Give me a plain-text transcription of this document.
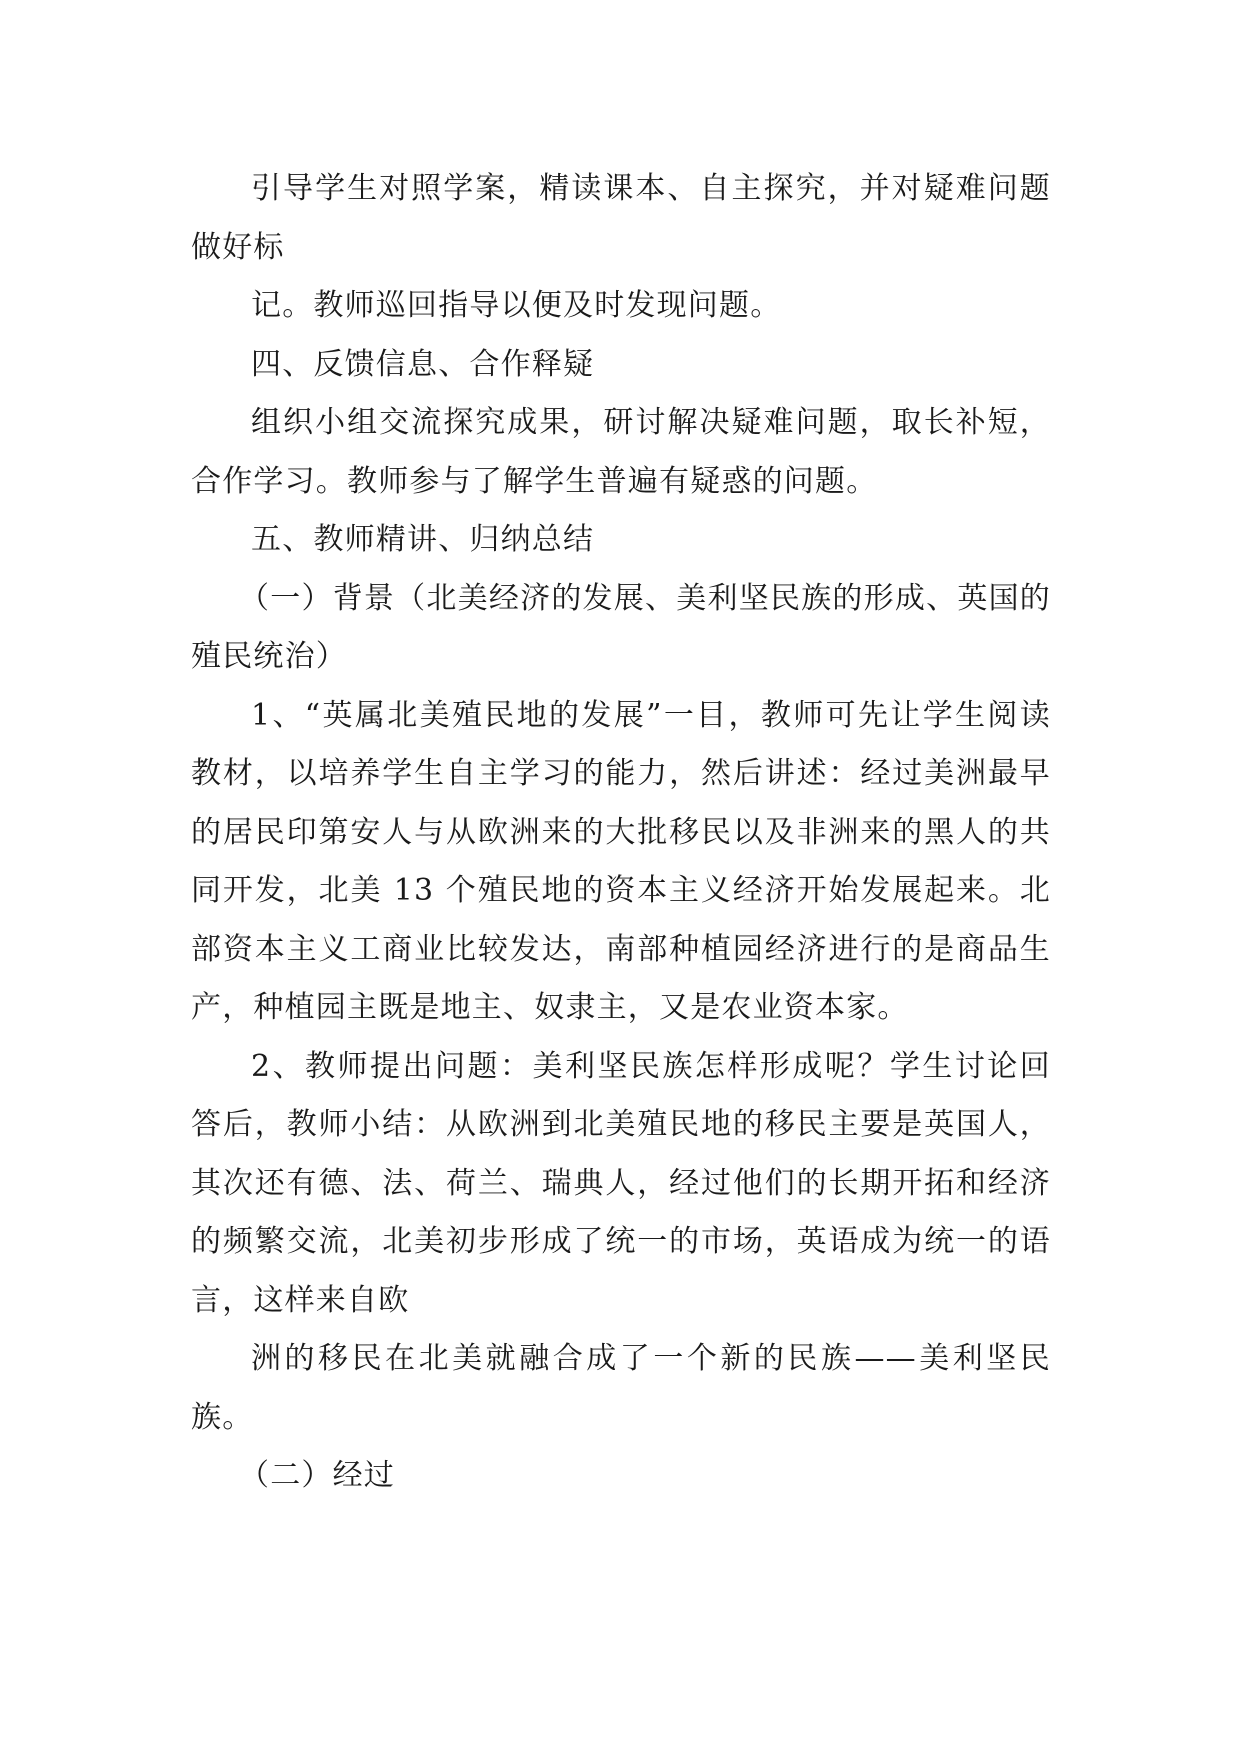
引导学生对照学案，精读课本、自主探究，并对疑难问题做好标

记。教师巡回指导以便及时发现问题。

四、反馈信息、合作释疑

组织小组交流探究成果，研讨解决疑难问题，取长补短，合作学习。教师参与了解学生普遍有疑惑的问题。

五、教师精讲、归纳总结

（一）背景（北美经济的发展、美利坚民族的形成、英国的殖民统治）

1、“英属北美殖民地的发展”一目，教师可先让学生阅读教材，以培养学生自主学习的能力，然后讲述：经过美洲最早的居民印第安人与从欧洲来的大批移民以及非洲来的黑人的共同开发，北美 13 个殖民地的资本主义经济开始发展起来。北部资本主义工商业比较发达，南部种植园经济进行的是商品生产，种植园主既是地主、奴隶主，又是农业资本家。

2、教师提出问题：美利坚民族怎样形成呢？学生讨论回答后，教师小结：从欧洲到北美殖民地的移民主要是英国人，其次还有德、法、荷兰、瑞典人，经过他们的长期开拓和经济的频繁交流，北美初步形成了统一的市场，英语成为统一的语言，这样来自欧

洲的移民在北美就融合成了一个新的民族——美利坚民族。

（二）经过
